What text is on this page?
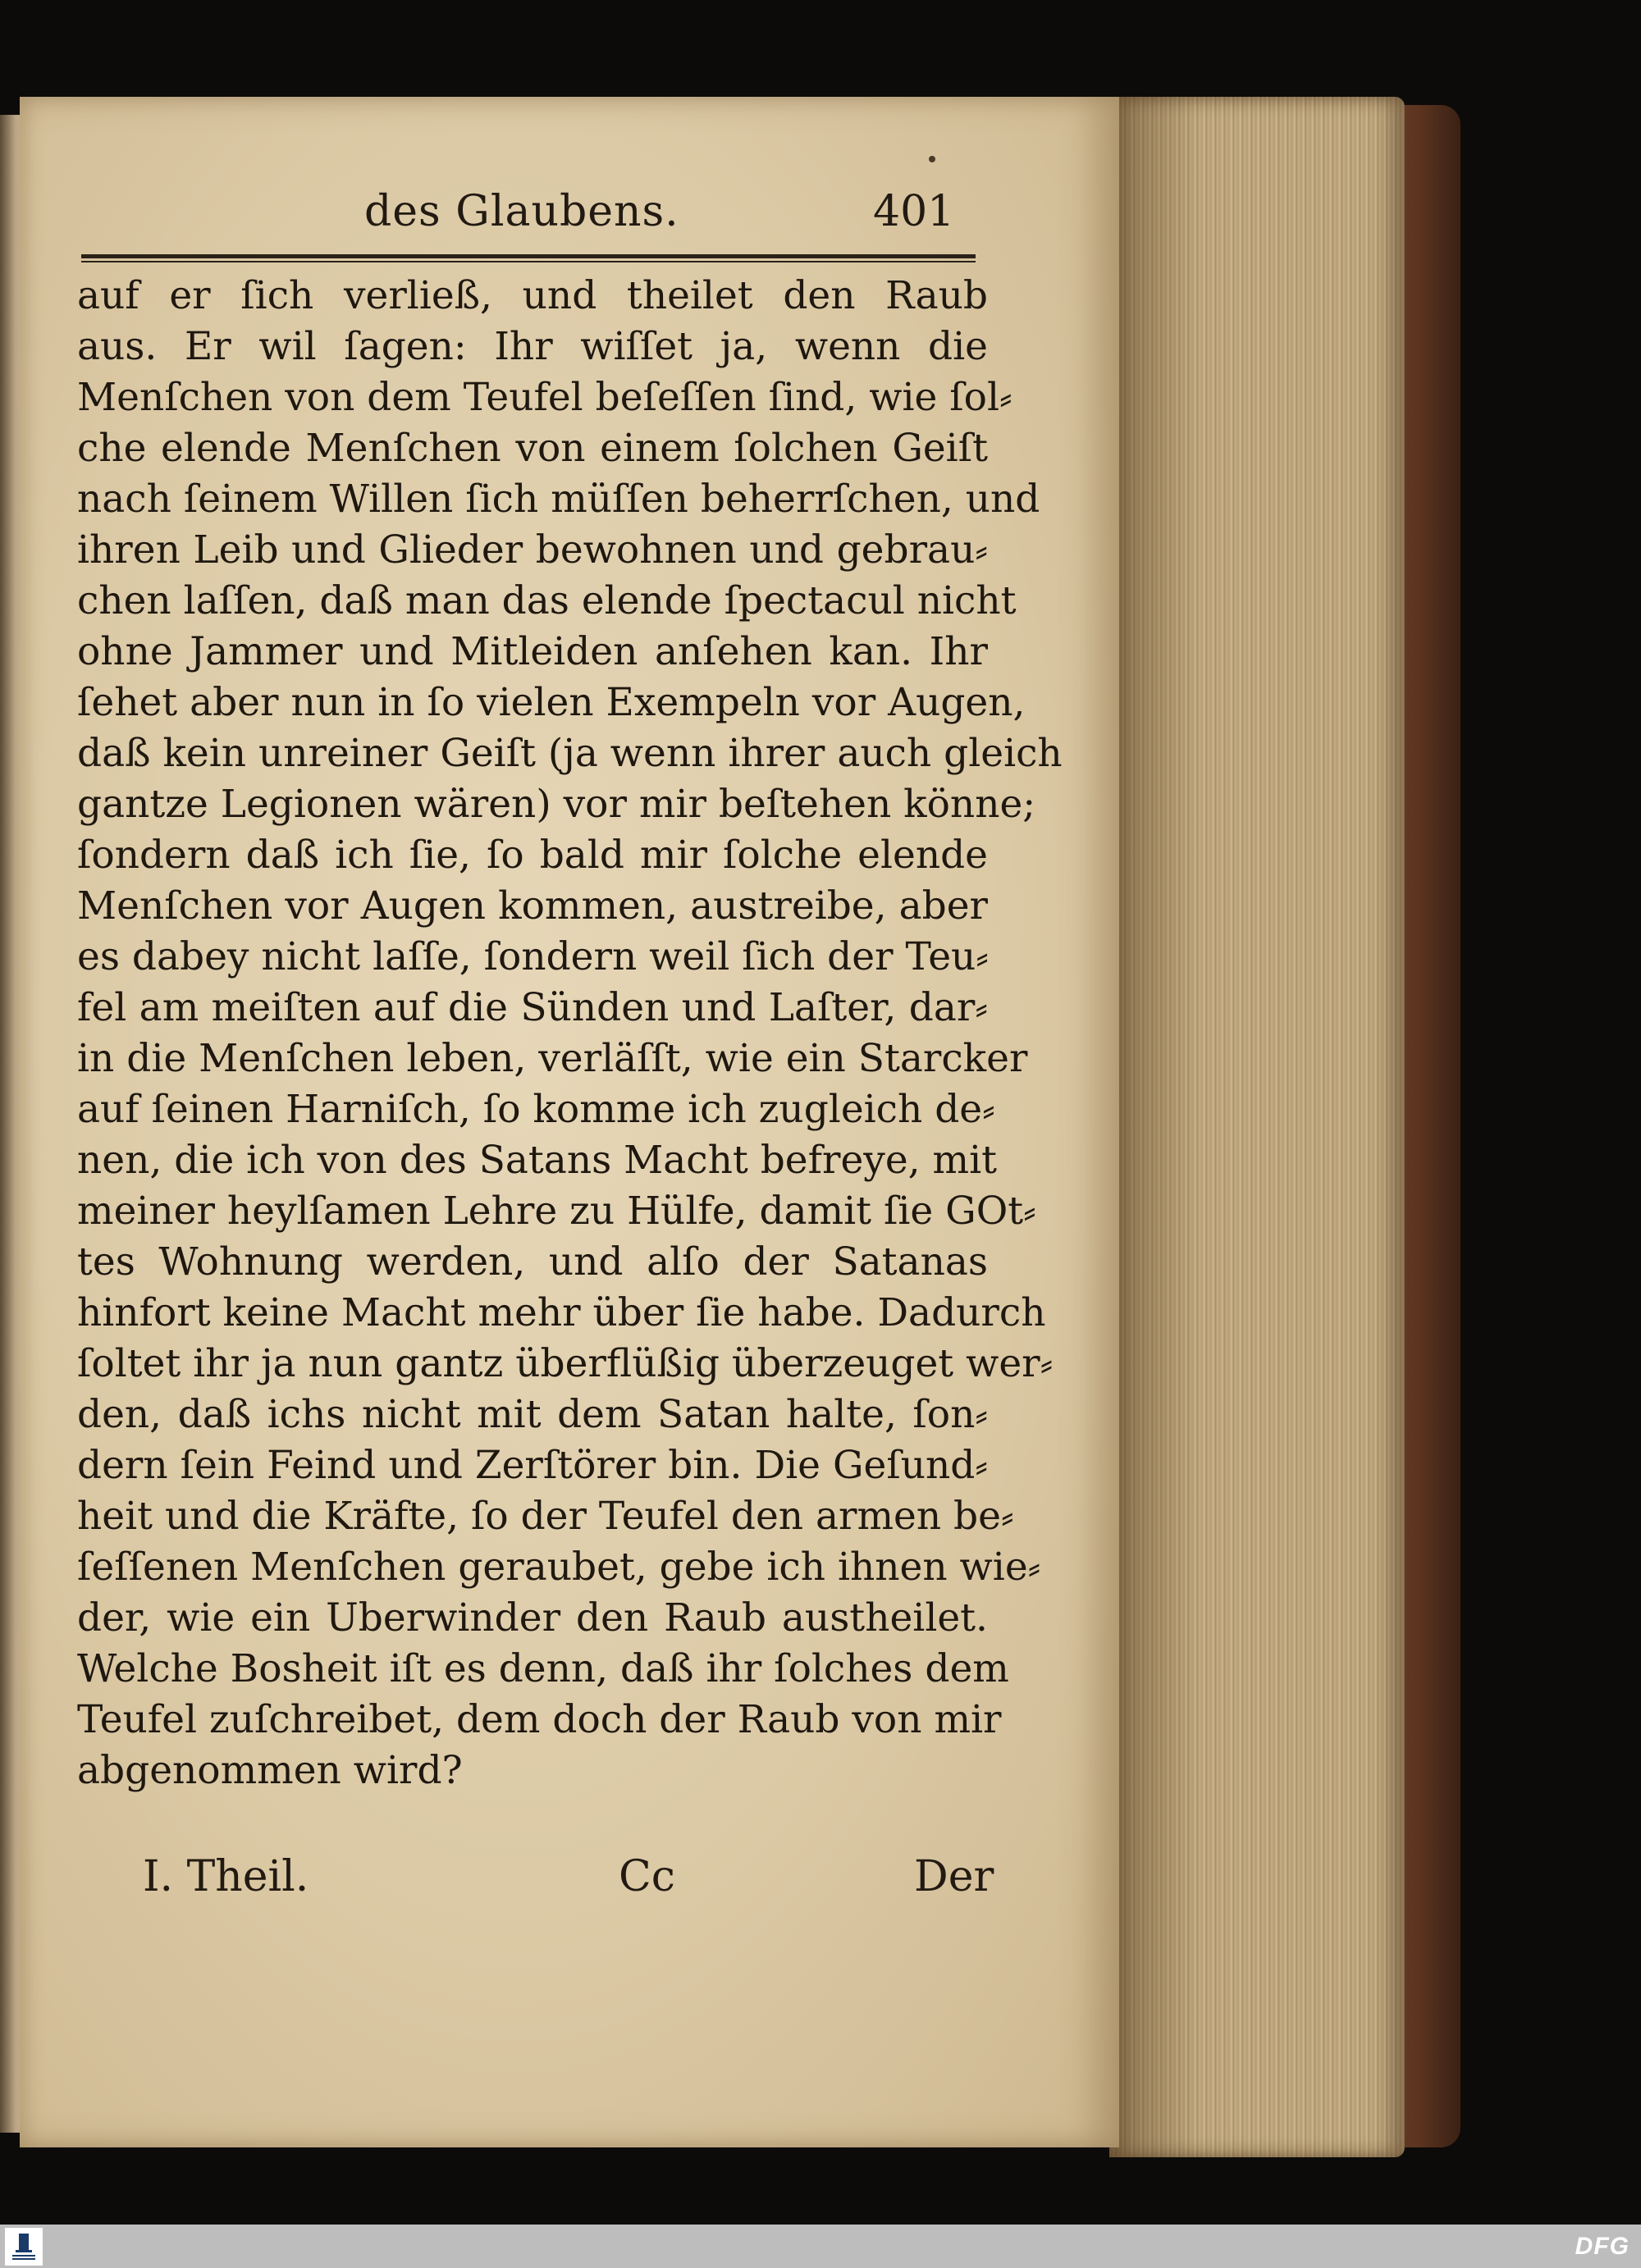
des Glaubens.	401
auf er ſich verließ, und theilet den Raub
aus. Er wil ſagen: Ihr wiſſet ja, wenn die
Menſchen von dem Teufel beſeſſen ſind, wie ſol⸗
che elende Menſchen von einem ſolchen Geiſt
nach ſeinem Willen ſich müſſen beherrſchen, und
ihren Leib und Glieder bewohnen und gebrau⸗
chen laſſen, daß man das elende ſpectacul nicht
ohne Jammer und Mitleiden anſehen kan. Ihr
ſehet aber nun in ſo vielen Exempeln vor Augen,
daß kein unreiner Geiſt (ja wenn ihrer auch gleich
gantze Legionen wären) vor mir beſtehen könne;
ſondern daß ich ſie, ſo bald mir ſolche elende
Menſchen vor Augen kommen, austreibe, aber
es dabey nicht laſſe, ſondern weil ſich der Teu⸗
fel am meiſten auf die Sünden und Laſter, dar⸗
in die Menſchen leben, verläſſt, wie ein Starcker
auf ſeinen Harniſch, ſo komme ich zugleich de⸗
nen, die ich von des Satans Macht befreye, mit
meiner heylſamen Lehre zu Hülfe, damit ſie GOt⸗
tes Wohnung werden, und alſo der Satanas
hinfort keine Macht mehr über ſie habe. Dadurch
ſoltet ihr ja nun gantz überflüßig überzeuget wer⸗
den, daß ichs nicht mit dem Satan halte, ſon⸗
dern ſein Feind und Zerſtörer bin. Die Geſund⸗
heit und die Kräfte, ſo der Teufel den armen be⸗
ſeſſenen Menſchen geraubet, gebe ich ihnen wie⸗
der, wie ein Uberwinder den Raub austheilet.
Welche Bosheit iſt es denn, daß ihr ſolches dem
Teufel zuſchreibet, dem doch der Raub von mir
abgenommen wird?
I. Theil.	Cc	Der
DFG
